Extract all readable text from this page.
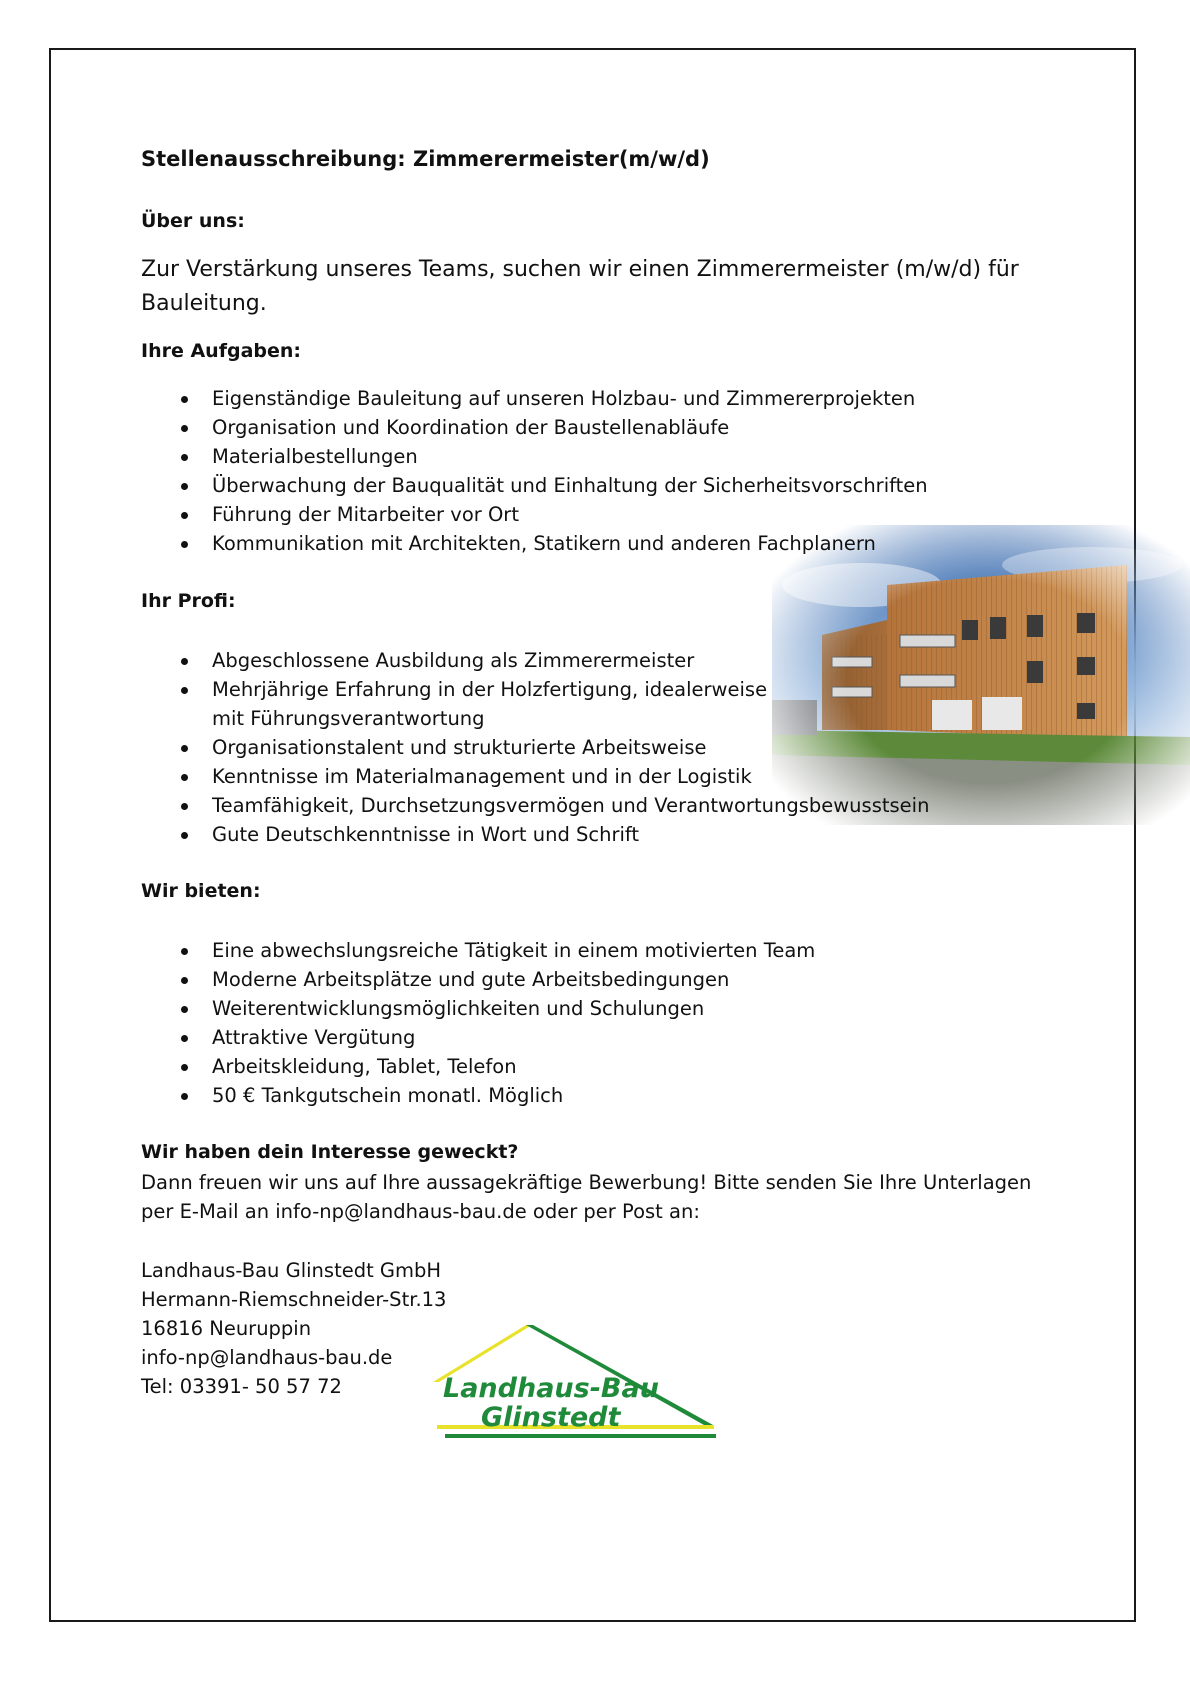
Stellenausschreibung: Zimmerermeister(m/w/d)
Über uns:
Zur Verstärkung unseres Teams, suchen wir einen Zimmerermeister (m/w/d) für Bauleitung.
Ihre Aufgaben:
Eigenständige Bauleitung auf unseren Holzbau- und Zimmererprojekten
Organisation und Koordination der Baustellenabläufe
Materialbestellungen
Überwachung der Bauqualität und Einhaltung der Sicherheitsvorschriften
Führung der Mitarbeiter vor Ort
Kommunikation mit Architekten, Statikern und anderen Fachplanern
Ihr Profi:
Abgeschlossene Ausbildung als Zimmerermeister
Mehrjährige Erfahrung in der Holzfertigung, idealerweise
mit Führungsverantwortung
Organisationstalent und strukturierte Arbeitsweise
Kenntnisse im Materialmanagement und in der Logistik
Teamfähigkeit, Durchsetzungsvermögen und Verantwortungsbewusstsein
Gute Deutschkenntnisse in Wort und Schrift
Wir bieten:
Eine abwechslungsreiche Tätigkeit in einem motivierten Team
Moderne Arbeitsplätze und gute Arbeitsbedingungen
Weiterentwicklungsmöglichkeiten und Schulungen
Attraktive Vergütung
Arbeitskleidung, Tablet, Telefon
50 € Tankgutschein monatl. Möglich
Wir haben dein Interesse geweckt?
Dann freuen wir uns auf Ihre aussagekräftige Bewerbung! Bitte senden Sie Ihre Unterlagen
per E-Mail an info-np@landhaus-bau.de oder per Post an:
Landhaus-Bau Glinstedt GmbH
Hermann-Riemschneider-Str.13
16816 Neuruppin
info-np@landhaus-bau.de
Tel: 03391- 50 57 72	Landhaus-Bau
Glinstedt
